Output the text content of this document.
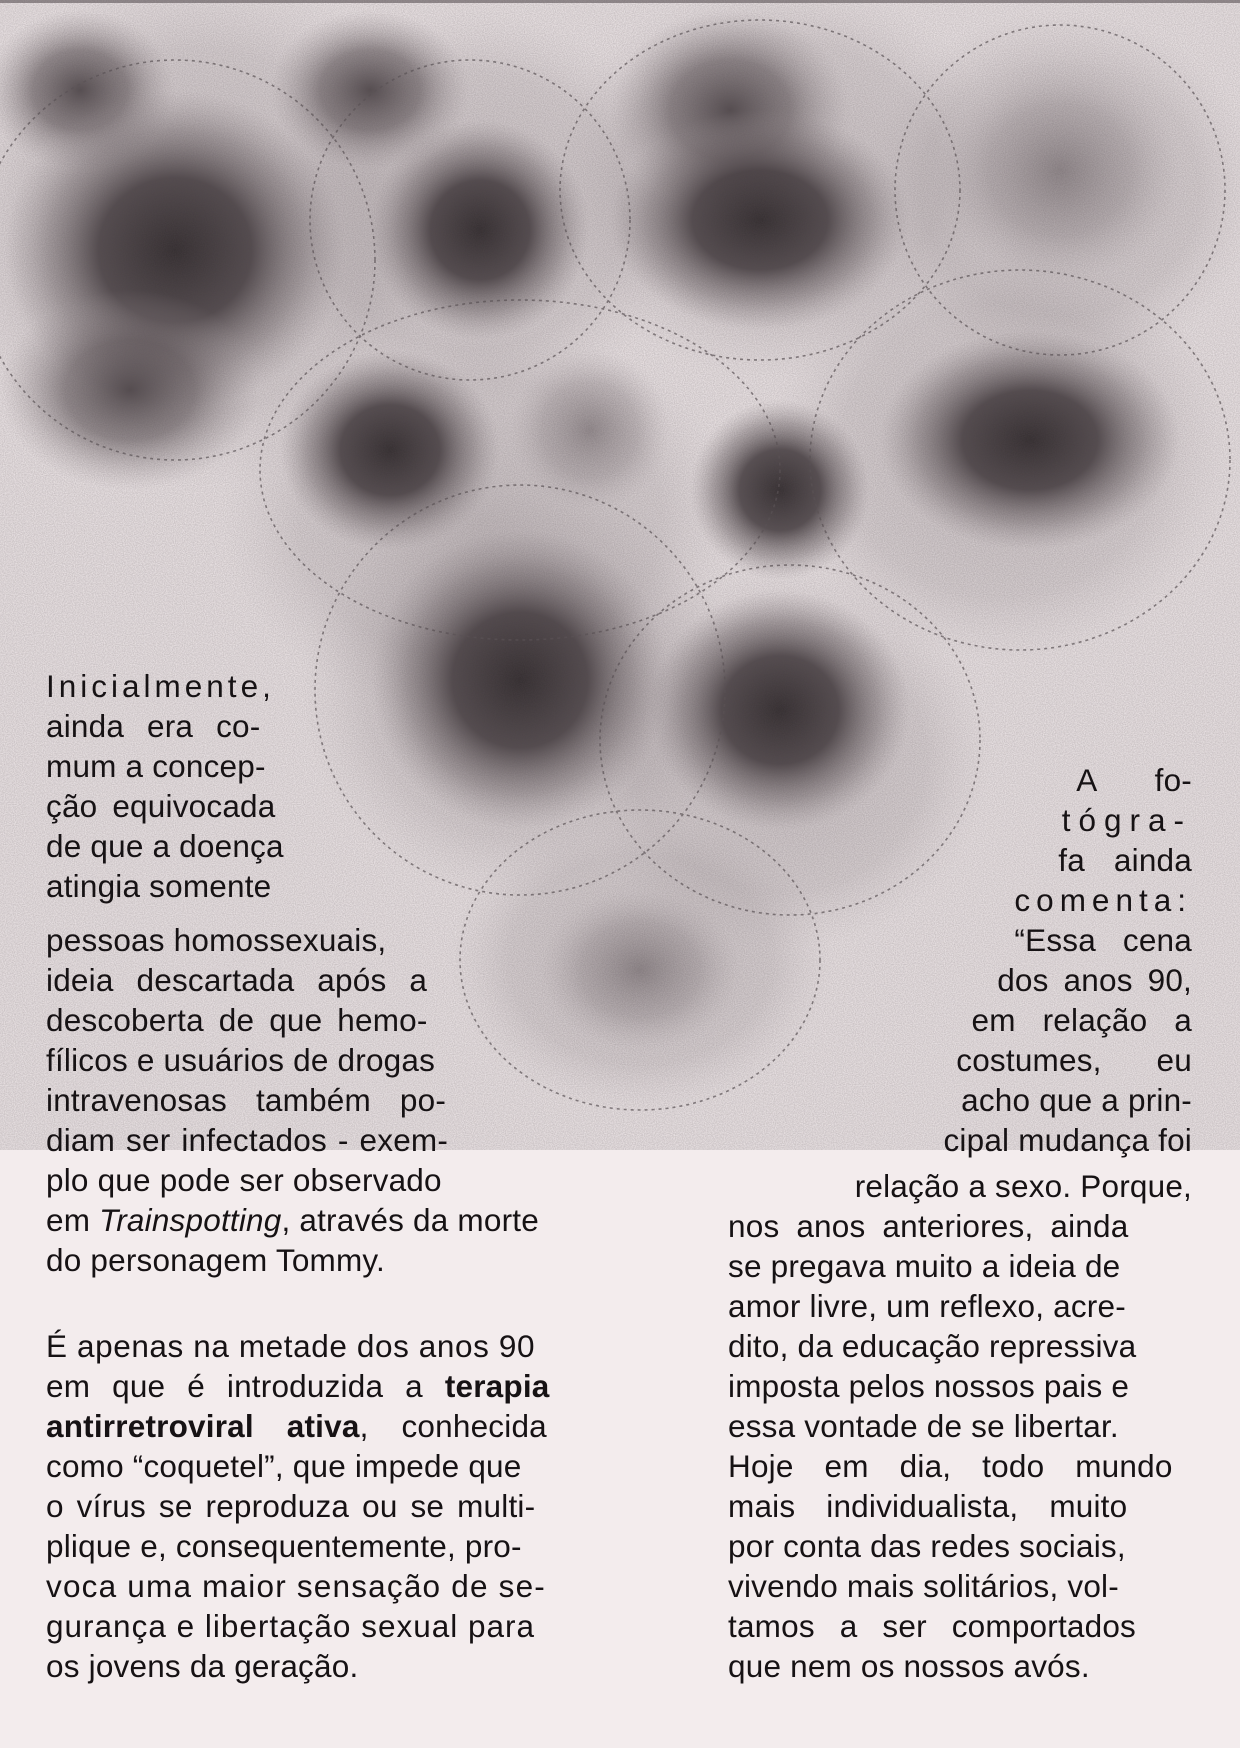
Inicialmente,
ainda era co-
mum a concep-
ção equivocada
de que a doença
atingia somente
pessoas homossexuais,
ideia descartada após a
descoberta de que hemo-
fílicos e usuários de drogas
intravenosas também po-
diam ser infectados - exem-
plo que pode ser observado
em Trainspotting, através da morte
do personagem Tommy.
É apenas na metade dos anos 90
em que é introduzida a terapia
antirretroviral ativa, conhecida
como “coquetel”, que impede que
o vírus se reproduza ou se multi-
plique e, consequentemente, pro-
voca uma maior sensação de se-
gurança e libertação sexual para
os jovens da geração.
A fo-
tógra-
fa ainda
comenta:
“Essa cena
dos anos 90,
em relação a
costumes, eu
acho que a prin-
cipal mudança foi
relação a sexo. Porque,
nos anos anteriores, ainda
se pregava muito a ideia de
amor livre, um reflexo, acre-
dito, da educação repressiva
imposta pelos nossos pais e
essa vontade de se libertar.
Hoje em dia, todo mundo
mais individualista, muito
por conta das redes sociais,
vivendo mais solitários, vol-
tamos a ser comportados
que nem os nossos avós.
